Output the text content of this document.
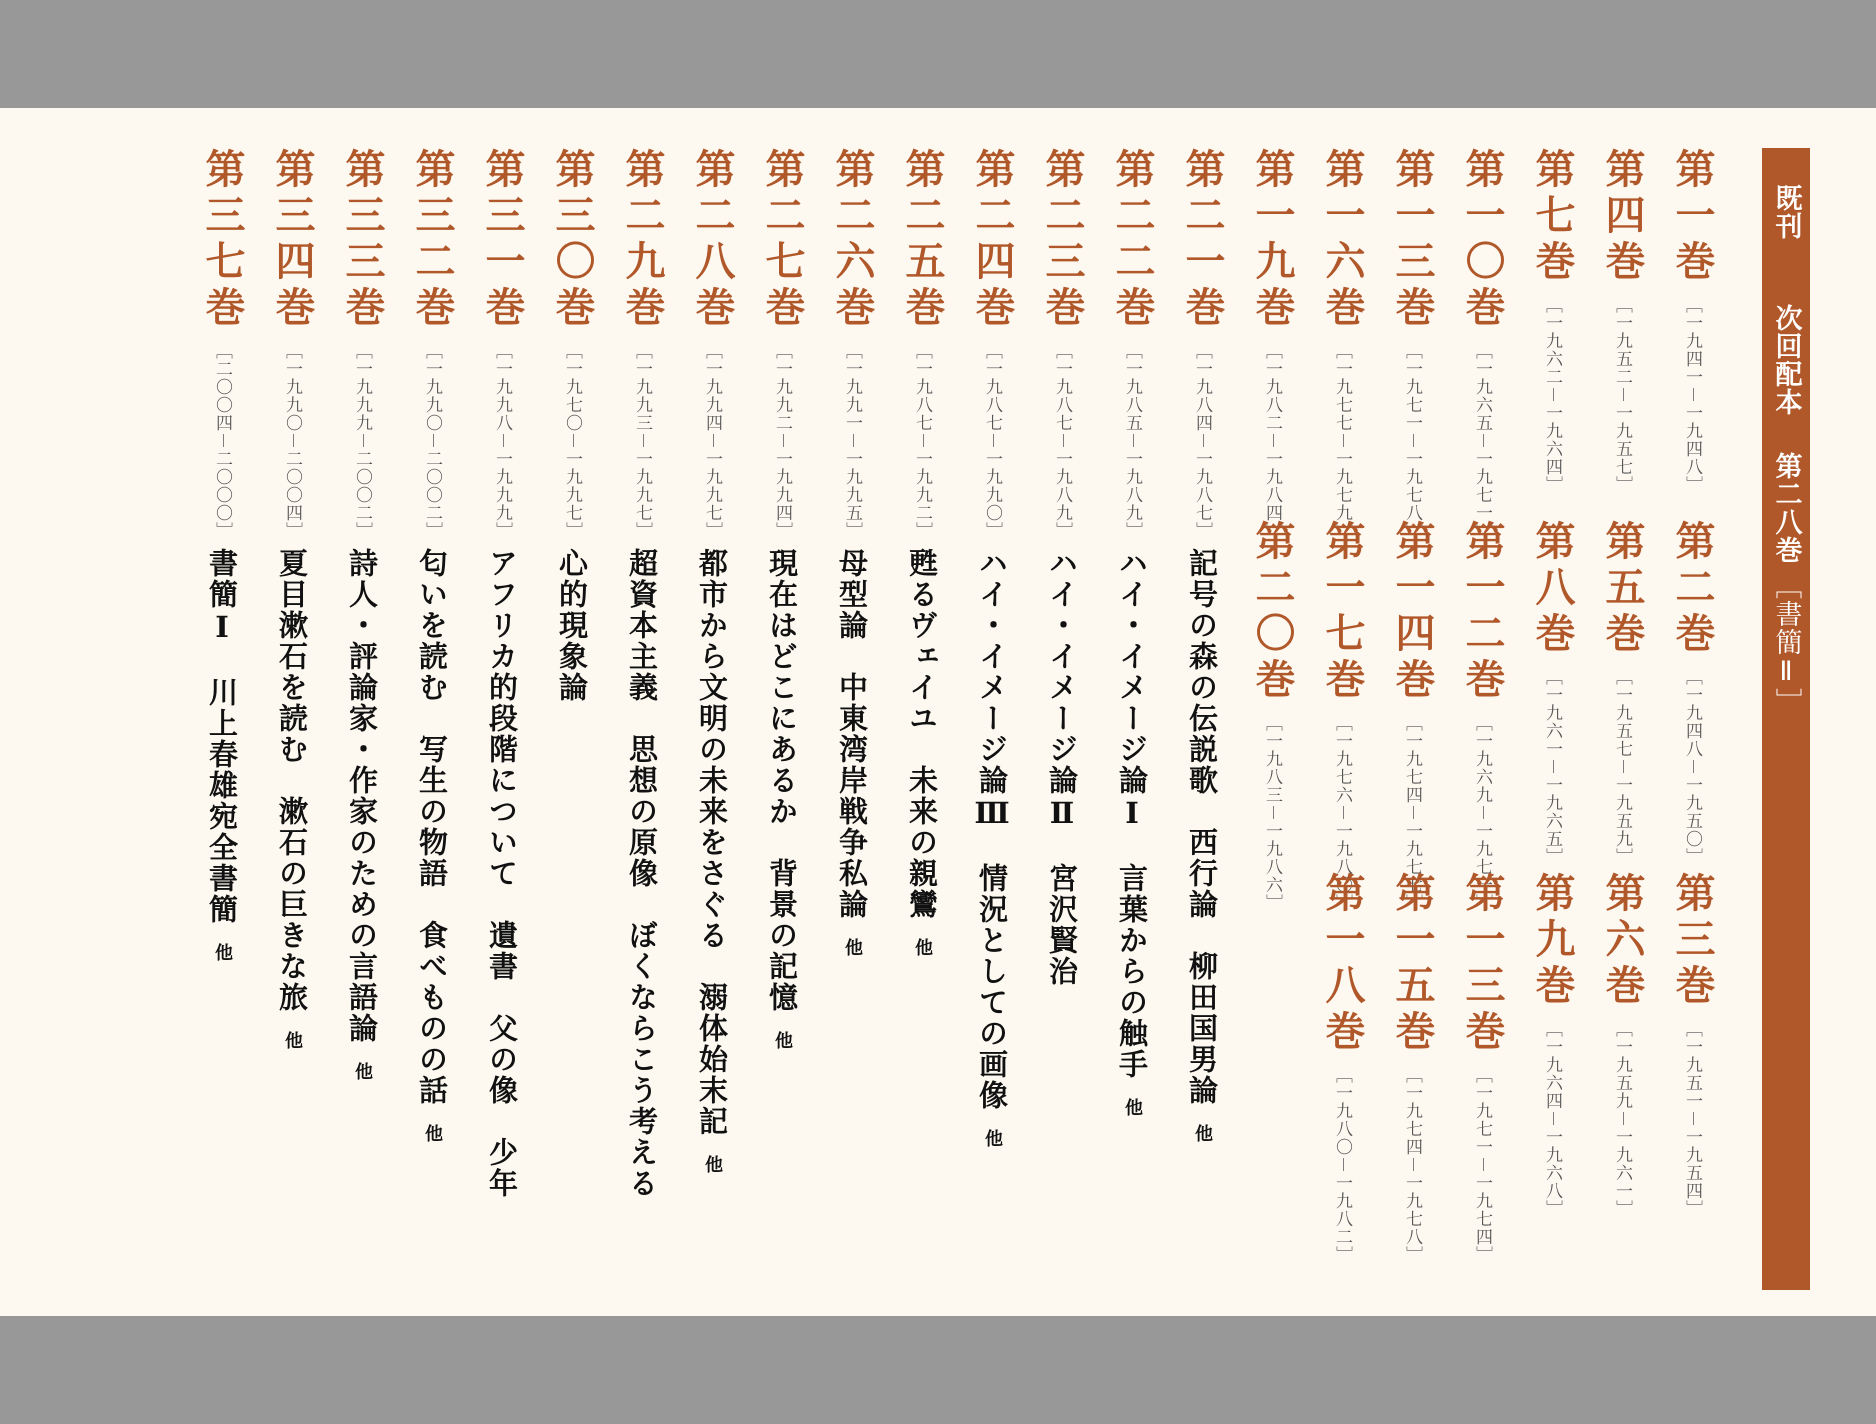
既刊
次回配本
第二八巻
［書簡Ⅱ］
第一巻［一九四一－一九四八］
第二巻［一九四八－一九五〇］
第三巻［一九五一－一九五四］
第四巻［一九五二－一九五七］
第五巻［一九五七－一九五九］
第六巻［一九五九－一九六一］
第七巻［一九六二－一九六四］
第八巻［一九六一－一九六五］
第九巻［一九六四－一九六八］
第一〇巻［一九六五－一九七一］
第一二巻［一九六九－一九七一］
第一三巻［一九七一－一九七四］
第一三巻［一九七一－一九七八］
第一四巻［一九七四－一九七七］
第一五巻［一九七四－一九七八］
第一六巻［一九七七－一九七九］
第一七巻［一九七六－一九八〇］
第一八巻［一九八〇－一九八二］
第一九巻［一九八二－一九八四］
第二〇巻［一九八三－一九八六］
第二一巻［一九八四－一九八七］記号の森の伝説歌　西行論　柳田国男論他
第二二巻［一九八五－一九八九］ハイ・イメージ論Ⅰ　言葉からの触手他
第二三巻［一九八七－一九八九］ハイ・イメージ論Ⅱ　宮沢賢治
第二四巻［一九八七－一九九〇］ハイ・イメージ論Ⅲ　情況としての画像他
第二五巻［一九八七－一九九二］甦るヴェイユ　未来の親鸞他
第二六巻［一九九一－一九九五］母型論　中東湾岸戦争私論他
第二七巻［一九九二－一九九四］現在はどこにあるか　背景の記憶他
第二八巻［一九九四－一九九七］都市から文明の未来をさぐる　溺体始末記他
第二九巻［一九九三－一九九七］超資本主義　思想の原像　ぼくならこう考える
第三〇巻［一九七〇－一九九七］心的現象論
第三一巻［一九九八－一九九九］アフリカ的段階について　遺書　父の像　少年
第三二巻［一九九〇－二〇〇二］匂いを読む　写生の物語　食べものの話他
第三三巻［一九九九－二〇〇二］詩人・評論家・作家のための言語論他
第三四巻［一九九〇－二〇〇四］夏目漱石を読む　漱石の巨きな旅他
第三七巻［二〇〇四－二〇〇〇］書簡Ⅰ　川上春雄宛全書簡他
